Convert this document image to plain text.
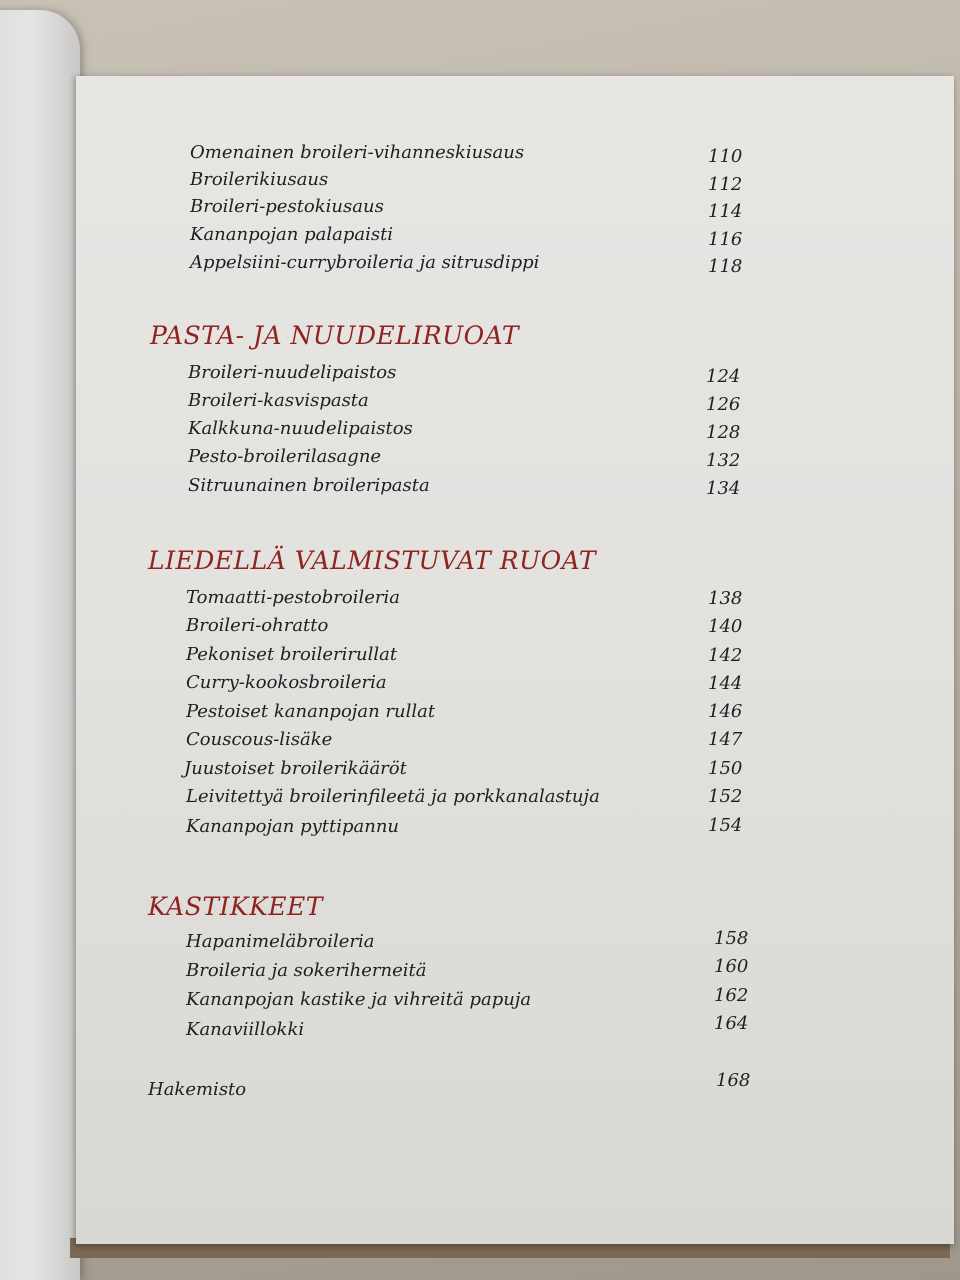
Omenainen broileri-vihanneskiusaus	110
Broilerikiusaus	112
Broileri-pestokiusaus	114
Kananpojan palapaisti	116
Appelsiini-currybroileria ja sitrusdippi	118
PASTA- JA NUUDELIRUOAT
Broileri-nuudelipaistos	124
Broileri-kasvispasta	126
Kalkkuna-nuudelipaistos	128
Pesto-broilerilasagne	132
Sitruunainen broileripasta	134
LIEDELLÄ VALMISTUVAT RUOAT
Tomaatti-pestobroileria	138
Broileri-ohratto	140
Pekoniset broilerirullat	142
Curry-kookosbroileria	144
Pestoiset kananpojan rullat	146
Couscous-lisäke	147
Juustoiset broilerikääröt	150
Leivitettyä broilerinfileetä ja porkkanalastuja	152
Kananpojan pyttipannu	154
KASTIKKEET
Hapanimeläbroileria	158
Broileria ja sokeriherneitä	160
Kananpojan kastike ja vihreitä papuja	162
Kanaviillokki	164
Hakemisto	168
